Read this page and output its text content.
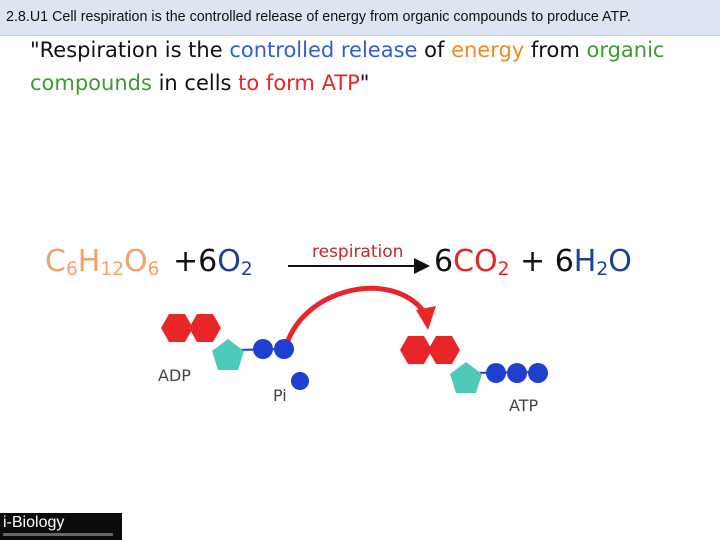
2.8.U1 Cell respiration is the controlled release of energy from organic compounds to produce ATP.
"Respiration is the controlled release of energy from organic compounds in cells to form ATP"
$C_6H_{12}O_6 +6O_2$
respiration $6CO_2 + 6H_2O$
ADP
Pi
ATP
i-Biology
